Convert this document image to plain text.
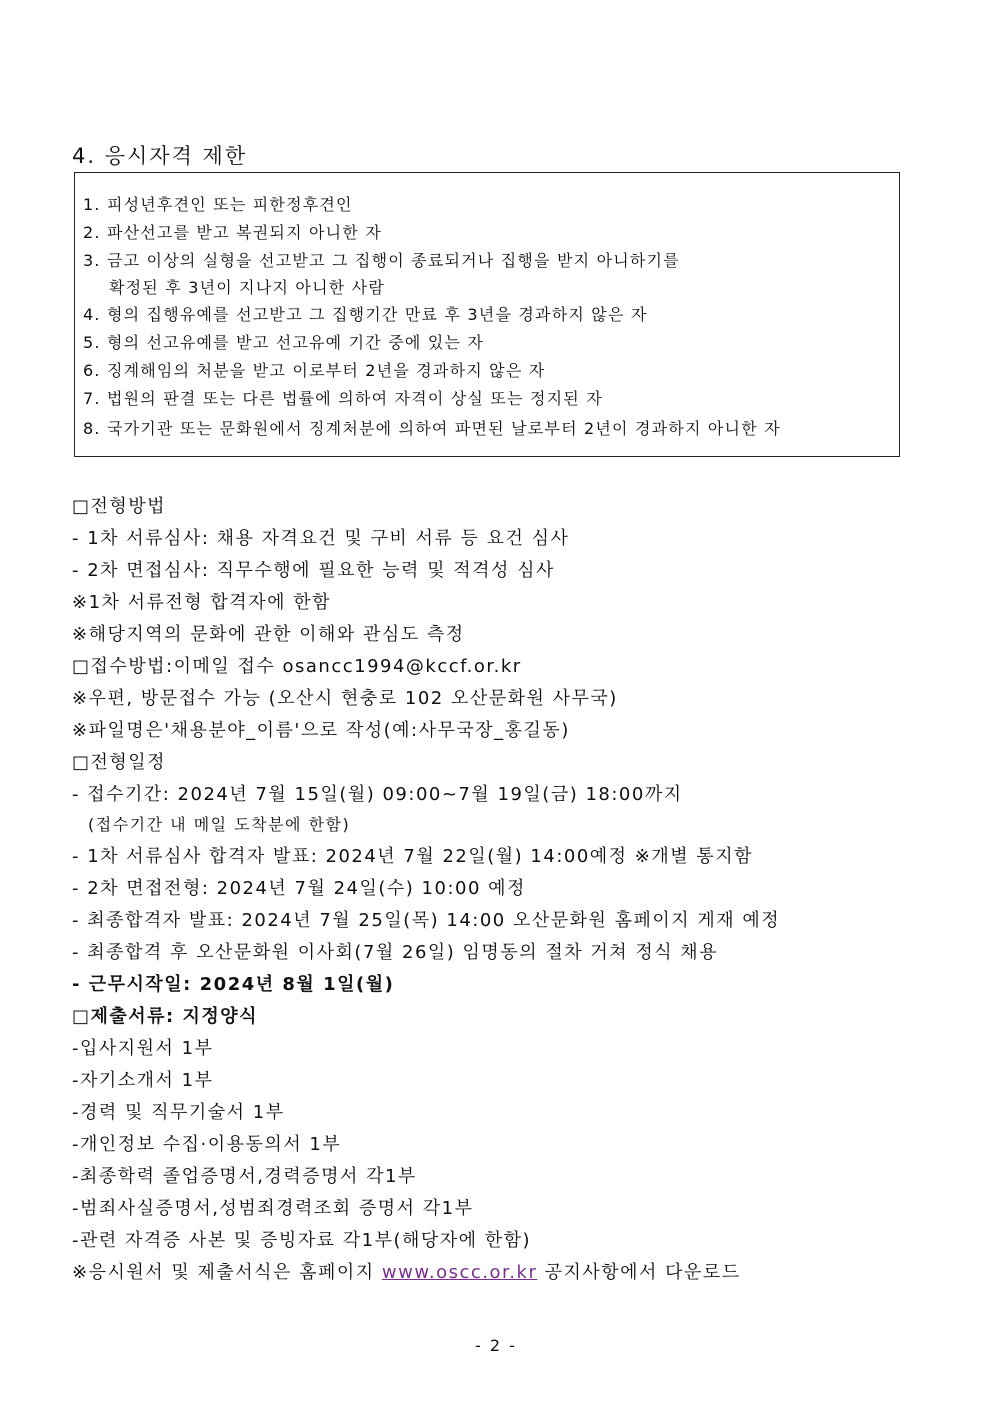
4. 응시자격 제한
1. 피성년후견인 또는 피한정후견인
2. 파산선고를 받고 복권되지 아니한 자
3. 금고 이상의 실형을 선고받고 그 집행이 종료되거나 집행을 받지 아니하기를
확정된 후 3년이 지나지 아니한 사람
4. 형의 집행유예를 선고받고 그 집행기간 만료 후 3년을 경과하지 않은 자
5. 형의 선고유예를 받고 선고유예 기간 중에 있는 자
6. 징계해임의 처분을 받고 이로부터 2년을 경과하지 않은 자
7. 법원의 판결 또는 다른 법률에 의하여 자격이 상실 또는 정지된 자
8. 국가기관 또는 문화원에서 징계처분에 의하여 파면된 날로부터 2년이 경과하지 아니한 자
□전형방법
- 1차 서류심사: 채용 자격요건 및 구비 서류 등 요건 심사
- 2차 면접심사: 직무수행에 필요한 능력 및 적격성 심사
※1차 서류전형 합격자에 한함
※해당지역의 문화에 관한 이해와 관심도 측정
□접수방법:이메일 접수 osancc1994@kccf.or.kr
※우편, 방문접수 가능 (오산시 현충로 102 오산문화원 사무국)
※파일명은'채용분야_이름'으로 작성(예:사무국장_홍길동)
□전형일정
- 접수기간: 2024년 7월 15일(월) 09:00~7월 19일(금) 18:00까지
(접수기간 내 메일 도착분에 한함)
- 1차 서류심사 합격자 발표: 2024년 7월 22일(월) 14:00예정 ※개별 통지함
- 2차 면접전형: 2024년 7월 24일(수) 10:00 예정
- 최종합격자 발표: 2024년 7월 25일(목) 14:00 오산문화원 홈페이지 게재 예정
- 최종합격 후 오산문화원 이사회(7월 26일) 임명동의 절차 거쳐 정식 채용
- 근무시작일: 2024년 8월 1일(월)
□제출서류: 지정양식
-입사지원서 1부
-자기소개서 1부
-경력 및 직무기술서 1부
-개인정보 수집·이용동의서 1부
-최종학력 졸업증명서,경력증명서 각1부
-범죄사실증명서,성범죄경력조회 증명서 각1부
-관련 자격증 사본 및 증빙자료 각1부(해당자에 한함)
※응시원서 및 제출서식은 홈페이지 www.oscc.or.kr 공지사항에서 다운로드
- 2 -
